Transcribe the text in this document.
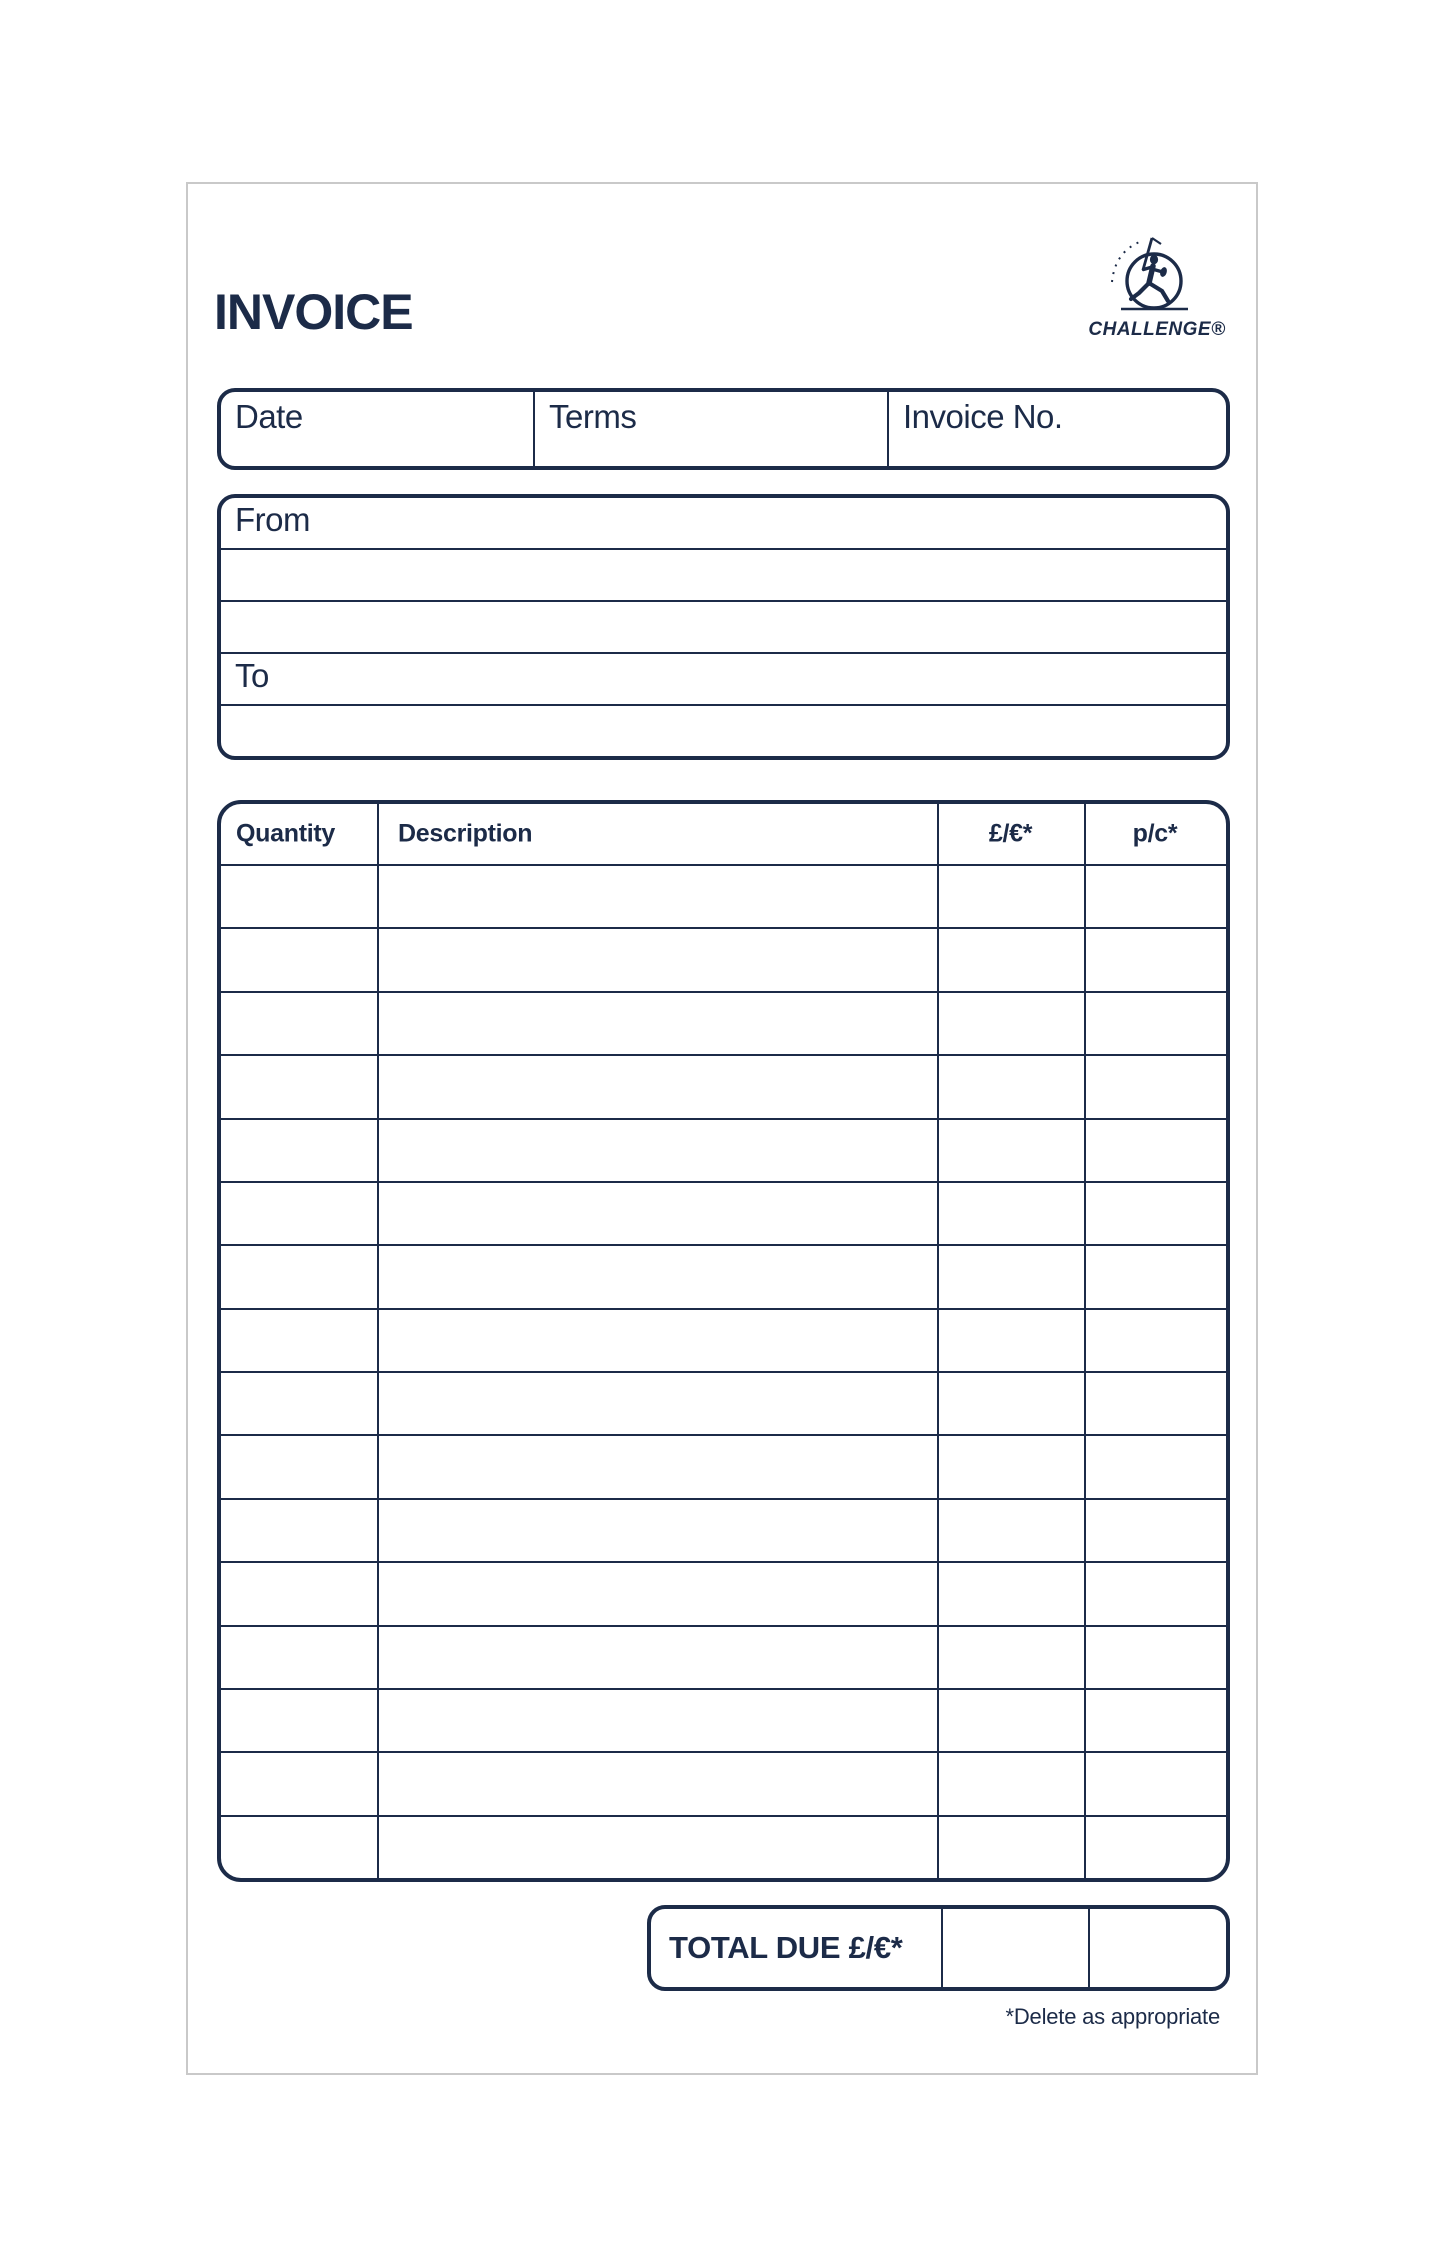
INVOICE	CHALLENGE®
Date	Terms	Invoice No.
From
To
Quantity	Description	£/€*	p/c*
TOTAL DUE £/€*
*Delete as appropriate
